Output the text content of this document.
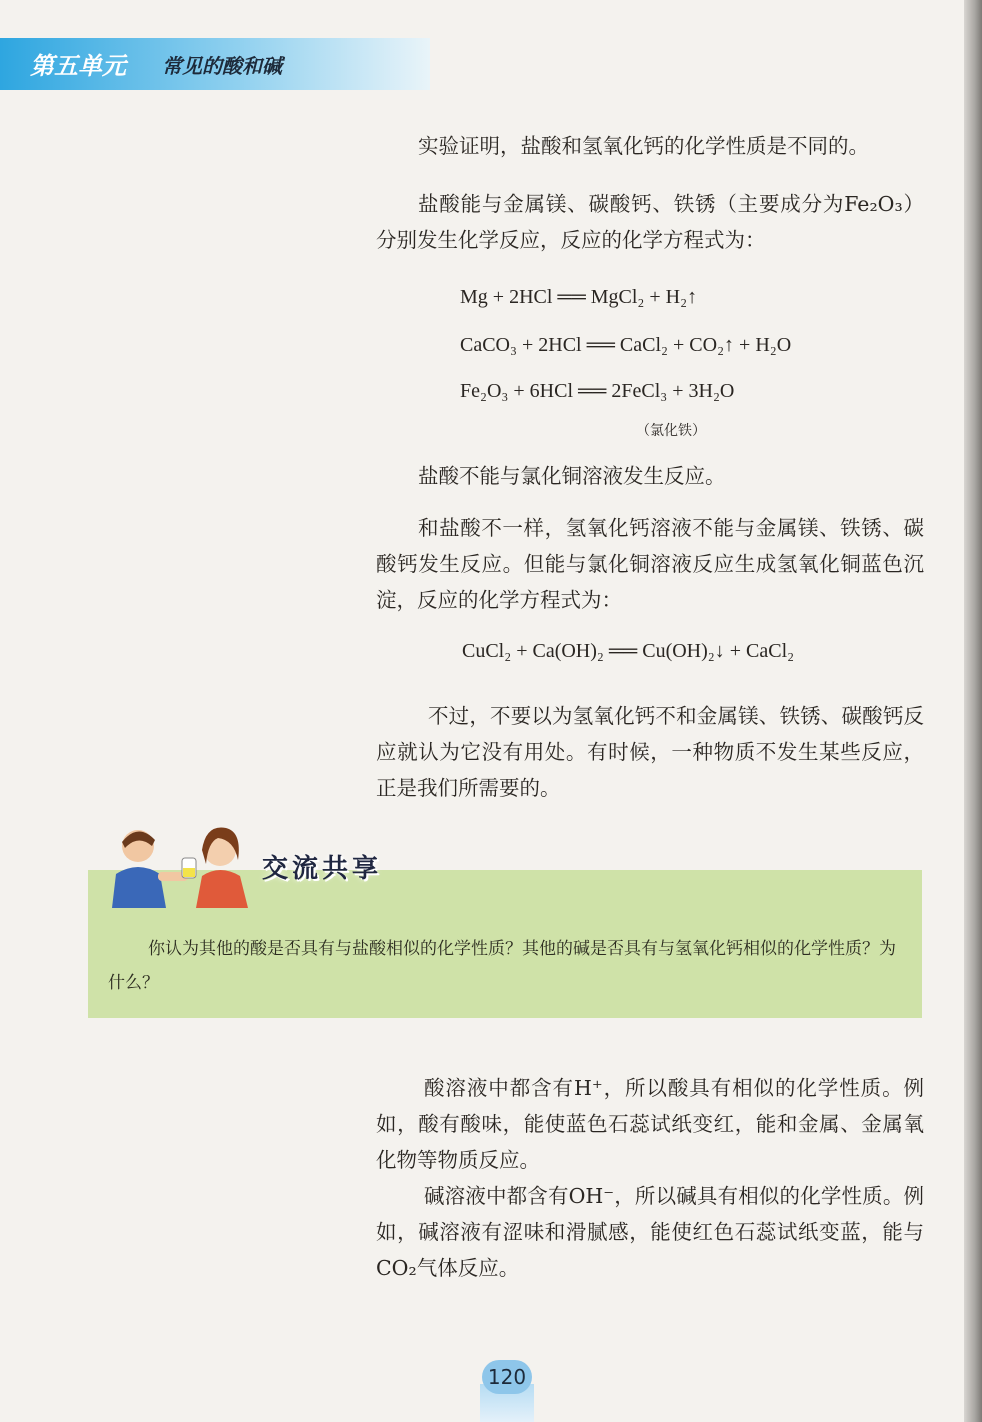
第五单元 常见的酸和碱

实验证明，盐酸和氢氧化钙的化学性质是不同的。

盐酸能与金属镁、碳酸钙、铁锈（主要成分为Fe₂O₃）分别发生化学反应，反应的化学方程式为：

Mg + 2HCl ══ MgCl₂ + H₂↑
CaCO₃ + 2HCl ══ CaCl₂ + CO₂↑ + H₂O
Fe₂O₃ + 6HCl ══ 2FeCl₃ + 3H₂O
（氯化铁）

盐酸不能与氯化铜溶液发生反应。

和盐酸不一样，氢氧化钙溶液不能与金属镁、铁锈、碳酸钙发生反应。但能与氯化铜溶液反应生成氢氧化铜蓝色沉淀，反应的化学方程式为：

CuCl₂ + Ca(OH)₂ ══ Cu(OH)₂↓ + CaCl₂

不过，不要以为氢氧化钙不和金属镁、铁锈、碳酸钙反应就认为它没有用处。有时候，一种物质不发生某些反应，正是我们所需要的。

你认为其他的酸是否具有与盐酸相似的化学性质？其他的碱是否具有与氢氧化钙相似的化学性质？为什么？

交流共享

酸溶液中都含有H⁺，所以酸具有相似的化学性质。例如，酸有酸味，能使蓝色石蕊试纸变红，能和金属、金属氧化物等物质反应。

碱溶液中都含有OH⁻，所以碱具有相似的化学性质。例如，碱溶液有涩味和滑腻感，能使红色石蕊试纸变蓝，能与CO₂气体反应。

120
